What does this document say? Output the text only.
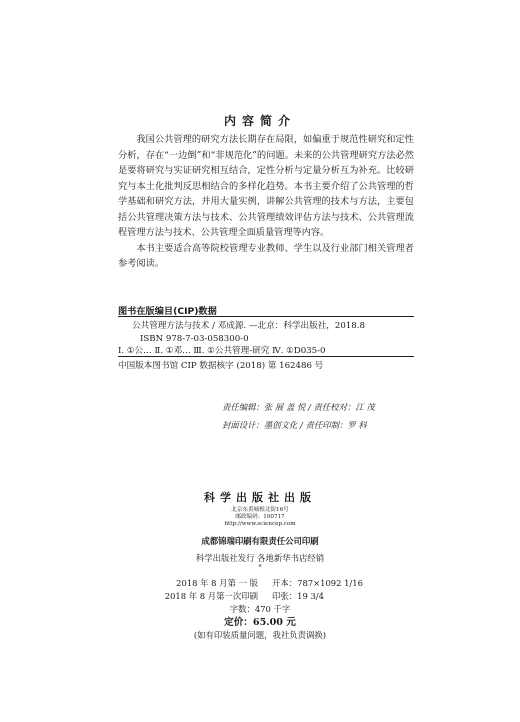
内容简介

我国公共管理的研究方法长期存在局限，如偏重于规范性研究和定性分析，存在“一边倒”和“非规范化”的问题。未来的公共管理研究方法必然是要将研究与实证研究相互结合，定性分析与定量分析互为补充。比较研究与本土化批判反思相结合的多样化趋势。本书主要介绍了公共管理的哲学基础和研究方法，并用大量实例，讲解公共管理的技术与方法，主要包括公共管理决策方法与技术、公共管理绩效评估方法与技术、公共管理流程管理方法与技术、公共管理全面质量管理等内容。

本书主要适合高等院校管理专业教师、学生以及行业部门相关管理者参考阅读。

图书在版编目(CIP)数据
公共管理方法与技术 / 邓成源. —北京：科学出版社，2018.8
ISBN 978-7-03-058300-0
Ⅰ. ①公… Ⅱ. ①邓… Ⅲ. ①公共管理-研究 Ⅳ. ①D035-0
中国版本图书馆 CIP 数据核字 (2018) 第 162486 号
责任编辑：张 展 盖 悦 / 责任校对：江 茂
封面设计：墨创文化 / 责任印制：罗 科
科学出版社出版
北京东黄城根北街16号
邮政编码：100717
http://www.sciencep.com
成都锦瑞印刷有限责任公司印刷
科学出版社发行 各地新华书店经销
*
2018 年 8 月第 一 版 开本：787×1092 1/16
2018 年 8 月第一次印刷 印张：19 3/4
字数：470 千字
定价：65.00 元
(如有印装质量问题，我社负责调换)
